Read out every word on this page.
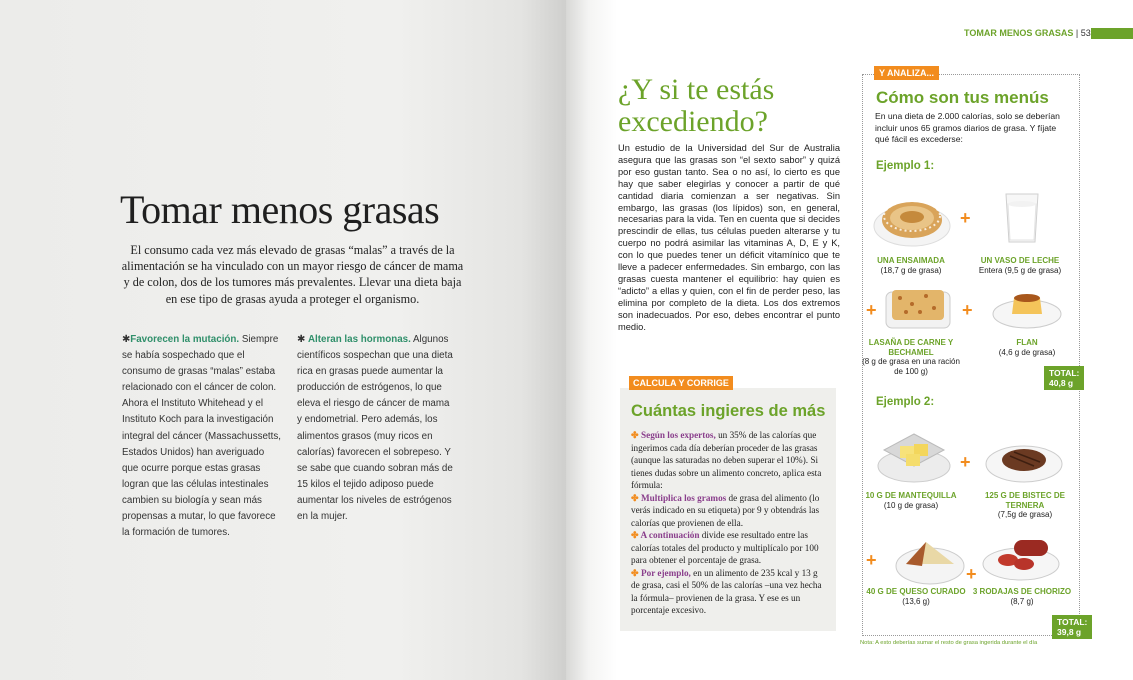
Tomar menos grasas
El consumo cada vez más elevado de grasas “malas” a través de la alimentación se ha vinculado con un mayor riesgo de cáncer de mama y de colon, dos de los tumores más prevalentes. Llevar una dieta baja en ese tipo de grasas ayuda a proteger el organismo.
✱Favorecen la mutación. Siempre se había sospechado que el consumo de grasas “malas” estaba relacionado con el cáncer de colon. Ahora el Instituto Whitehead y el Instituto Koch para la investigación integral del cáncer (Massachussetts, Estados Unidos) han averiguado que ocurre porque estas grasas logran que las células intestinales cambien su biología y sean más propensas a mutar, lo que favorece la formación de tumores.
✱ Alteran las hormonas. Algunos científicos sospechan que una dieta rica en grasas puede aumentar la producción de estrógenos, lo que eleva el riesgo de cáncer de mama y endometrial. Pero además, los alimentos grasos (muy ricos en calorías) favorecen el sobrepeso. Y se sabe que cuando sobran más de 15 kilos el tejido adiposo puede aumentar los niveles de estrógenos en la mujer.
TOMAR MENOS GRASAS | 53
¿Y si te estás excediendo?
Un estudio de la Universidad del Sur de Australia asegura que las grasas son “el sexto sabor” y quizá por eso gustan tanto. Sea o no así, lo cierto es que hay que saber elegirlas y conocer a partir de qué cantidad diaria comienzan a ser negativas. Sin embargo, las grasas (los lípidos) son, en general, necesarias para la vida. Ten en cuenta que si decides prescindir de ellas, tus células pueden alterarse y tu cuerpo no podrá asimilar las vitaminas A, D, E y K, con lo que puedes tener un déficit vitamínico que te lleve a padecer enfermedades. Sin embargo, con las grasas cuesta mantener el equilibrio: hay quien es “adicto” a ellas y quien, con el fin de perder peso, las elimina por completo de la dieta. Los dos extremos son inadecuados. Por eso, debes encontrar el punto medio.
CALCULA Y CORRIGE
Cuántas ingieres de más
✤ Según los expertos, un 35% de las calorías que ingerimos cada día deberían proceder de las grasas (aunque las saturadas no deben superar el 10%). Si tienes dudas sobre un alimento concreto, aplica esta fórmula:
✤ Multiplica los gramos de grasa del alimento (lo verás indicado en su etiqueta) por 9 y obtendrás las calorías que provienen de ella.
✤ A continuación divide ese resultado entre las calorías totales del producto y multiplícalo por 100 para obtener el porcentaje de grasa.
✤ Por ejemplo, en un alimento de 235 kcal y 13 g de grasa, casi el 50% de las calorías –una vez hecha la fórmula– provienen de la grasa. Y ese es un porcentaje excesivo.
Y ANALIZA...
Cómo son tus menús
En una dieta de 2.000 calorías, solo se deberían incluir unos 65 gramos diarios de grasa. Y fíjate qué fácil es excederse:
Ejemplo 1:
+
UNA ENSAIMADA
(18,7 g de grasa)
UN VASO DE LECHE
Entera (9,5 g de grasa)
+	+
LASAÑA DE CARNE Y BECHAMEL
(8 g de grasa en una ración de 100 g)
FLAN
(4,6 g de grasa)
TOTAL:
40,8 g
Ejemplo 2:
+
10 G DE MANTEQUILLA
(10 g de grasa)
125 G DE BISTEC DE TERNERA
(7,5g de grasa)
+
+
40 G DE QUESO CURADO
(13,6 g)
3 RODAJAS DE CHORIZO
(8,7 g)
TOTAL:
39,8 g
Nota: A esto deberías sumar el resto de grasa ingerida durante el día
